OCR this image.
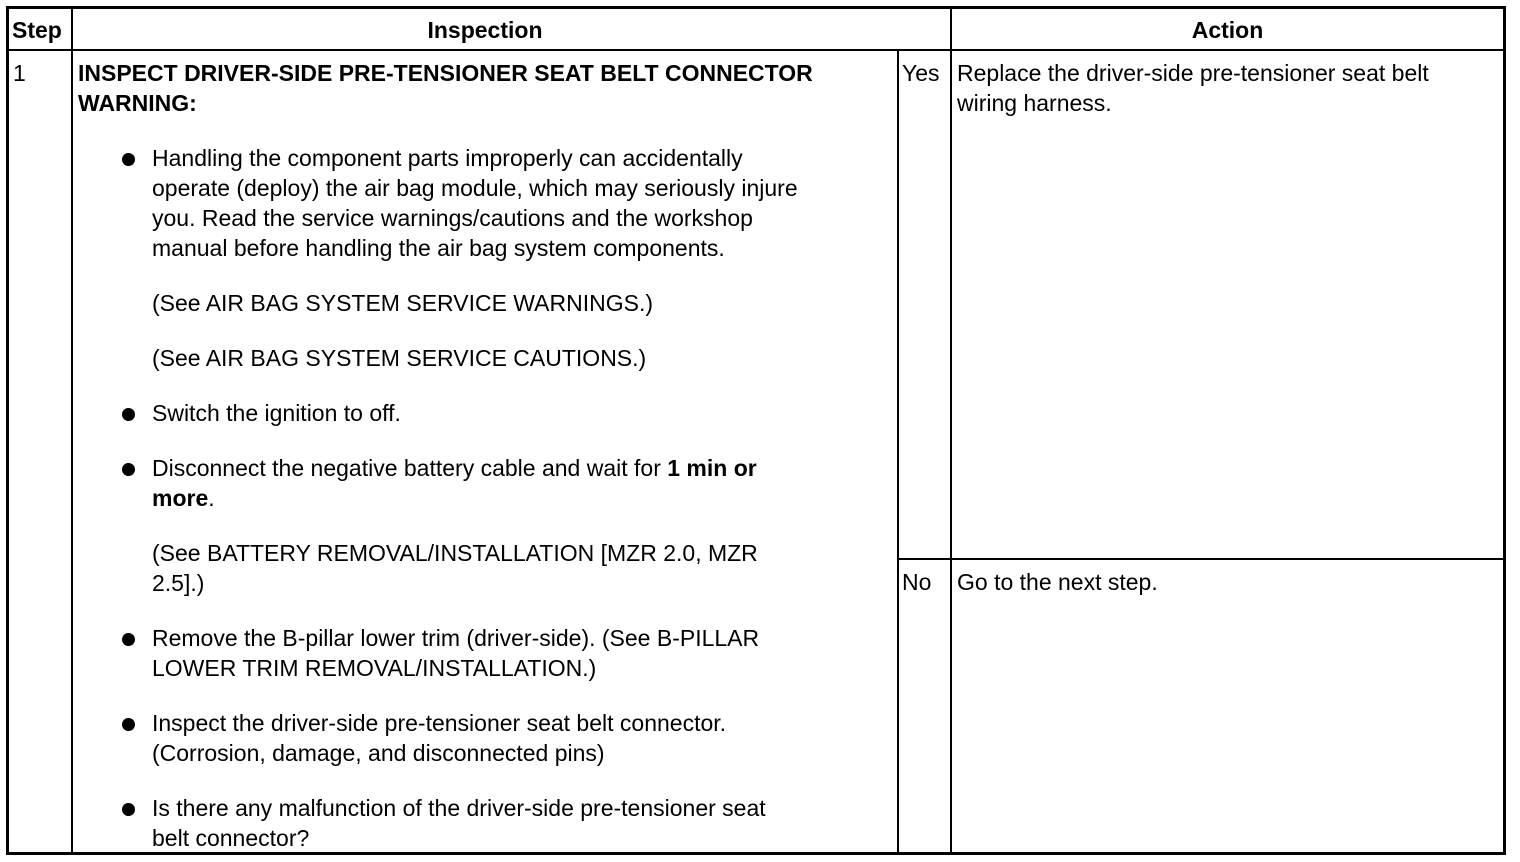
Step	Inspection	Action
1 INSPECT DRIVER-SIDE PRE-TENSIONER SEAT BELT CONNECTOR
WARNING:
Handling the component parts improperly can accidentally
operate (deploy) the air bag module, which may seriously injure
you. Read the service warnings/cautions and the workshop
manual before handling the air bag system components.
(See AIR BAG SYSTEM SERVICE WARNINGS.)
(See AIR BAG SYSTEM SERVICE CAUTIONS.)
Switch the ignition to off.
Disconnect the negative battery cable and wait for 1 min or
more.
(See BATTERY REMOVAL/INSTALLATION [MZR 2.0, MZR
2.5].)
Remove the B-pillar lower trim (driver-side). (See B-PILLAR
LOWER TRIM REMOVAL/INSTALLATION.)
Inspect the driver-side pre-tensioner seat belt connector.
(Corrosion, damage, and disconnected pins)
Is there any malfunction of the driver-side pre-tensioner seat
belt connector?
Yes Replace the driver-side pre-tensioner seat belt
wiring harness.
No Go to the next step.
